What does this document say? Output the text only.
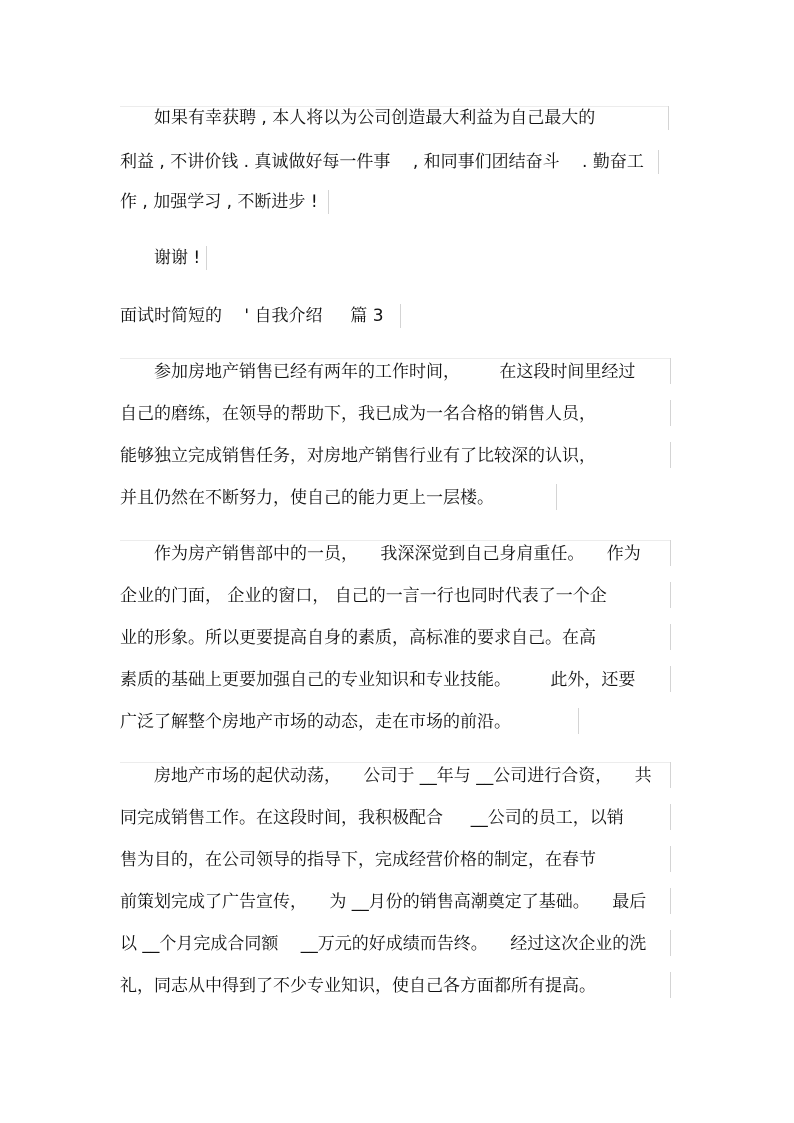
　　如果有幸获聘 , 本人将以为公司创造最大利益为自己最大的
利益 , 不讲价钱 . 真诚做好每一件事 　, 和同事们团结奋斗 　. 勤奋工
作 , 加强学习 , 不断进步 !
　　谢谢 !
面试时简短的 　' 自我介绍 　 篇 3
　　参加房地产销售已经有两年的工作时间， 　　在这段时间里经过
自己的磨练，在领导的帮助下，我已成为一名合格的销售人员，
能够独立完成销售任务，对房地产销售行业有了比较深的认识，
并且仍然在不断努力，使自己的能力更上一层楼。
　　作为房产销售部中的一员， 　我深深觉到自己身肩重任。 　作为
企业的门面， 企业的窗口， 自己的一言一行也同时代表了一个企
业的形象。所以更要提高自身的素质，高标准的要求自己。在高
素质的基础上更要加强自己的专业知识和专业技能。 　　此外，还要
广泛了解整个房地产市场的动态，走在市场的前沿。
　　房地产市场的起伏动荡， 　公司于 __年与 __公司进行合资， 　共
同完成销售工作。在这段时间，我积极配合 　 __公司的员工，以销
售为目的，在公司领导的指导下，完成经营价格的制定，在春节
前策划完成了广告宣传， 　为 __月份的销售高潮奠定了基础。 　最后
以 __个月完成合同额 　__万元的好成绩而告终。 　经过这次企业的洗
礼，同志从中得到了不少专业知识，使自己各方面都所有提高。
